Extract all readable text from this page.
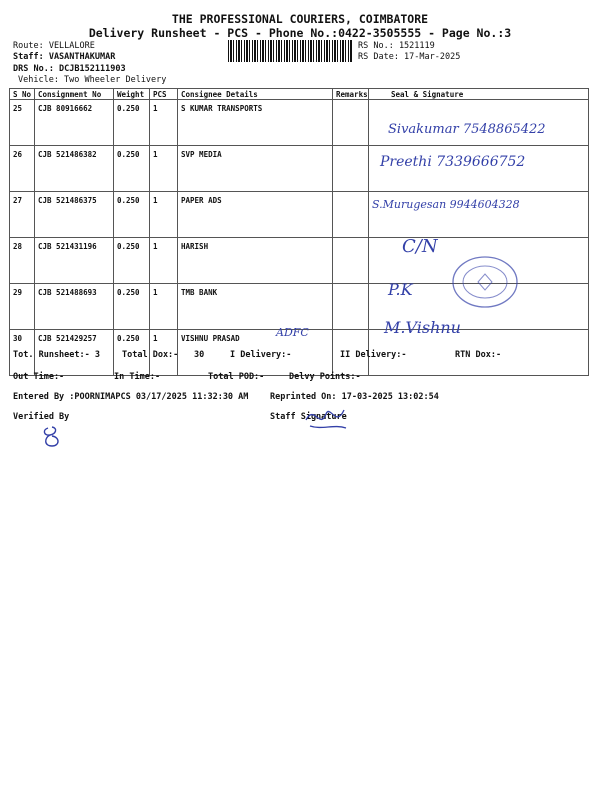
THE PROFESSIONAL COURIERS, COIMBATORE
Delivery Runsheet - PCS - Phone No.:0422-3505555 - Page No.:3
Route: VELLALORE
Staff: VASANTHAKUMAR
DRS No.: DCJB152111903
Vehicle: Two Wheeler Delivery
RS No.: 1521119
RS Date: 17-Mar-2025
S No	Consignment No	Weight	PCS	Consignee Details	Remarks	Seal & Signature
25	CJB 80916662	0.250	1	S KUMAR TRANSPORTS		
26	CJB 521486382	0.250	1	SVP MEDIA		
27	CJB 521486375	0.250	1	PAPER ADS		
28	CJB 521431196	0.250	1	HARISH		
29	CJB 521488693	0.250	1	TMB BANK		
30	CJB 521429257	0.250	1	VISHNU PRASAD		
Sivakumar 7548865422
Preethi 7339666752
S.Murugesan 9944604328
C/N
P.K
M.Vishnu
ADFC
Tot. Runsheet:- 3	Total Dox:- 30	I Delivery:-	II Delivery:-	RTN Dox:-
Out Time:-	In Time:-	Total POD:-	Delvy Points:-
Entered By :POORNIMAPCS 03/17/2025 11:32:30 AM	Reprinted On: 17-03-2025 13:02:54
Verified By	Staff Signature
